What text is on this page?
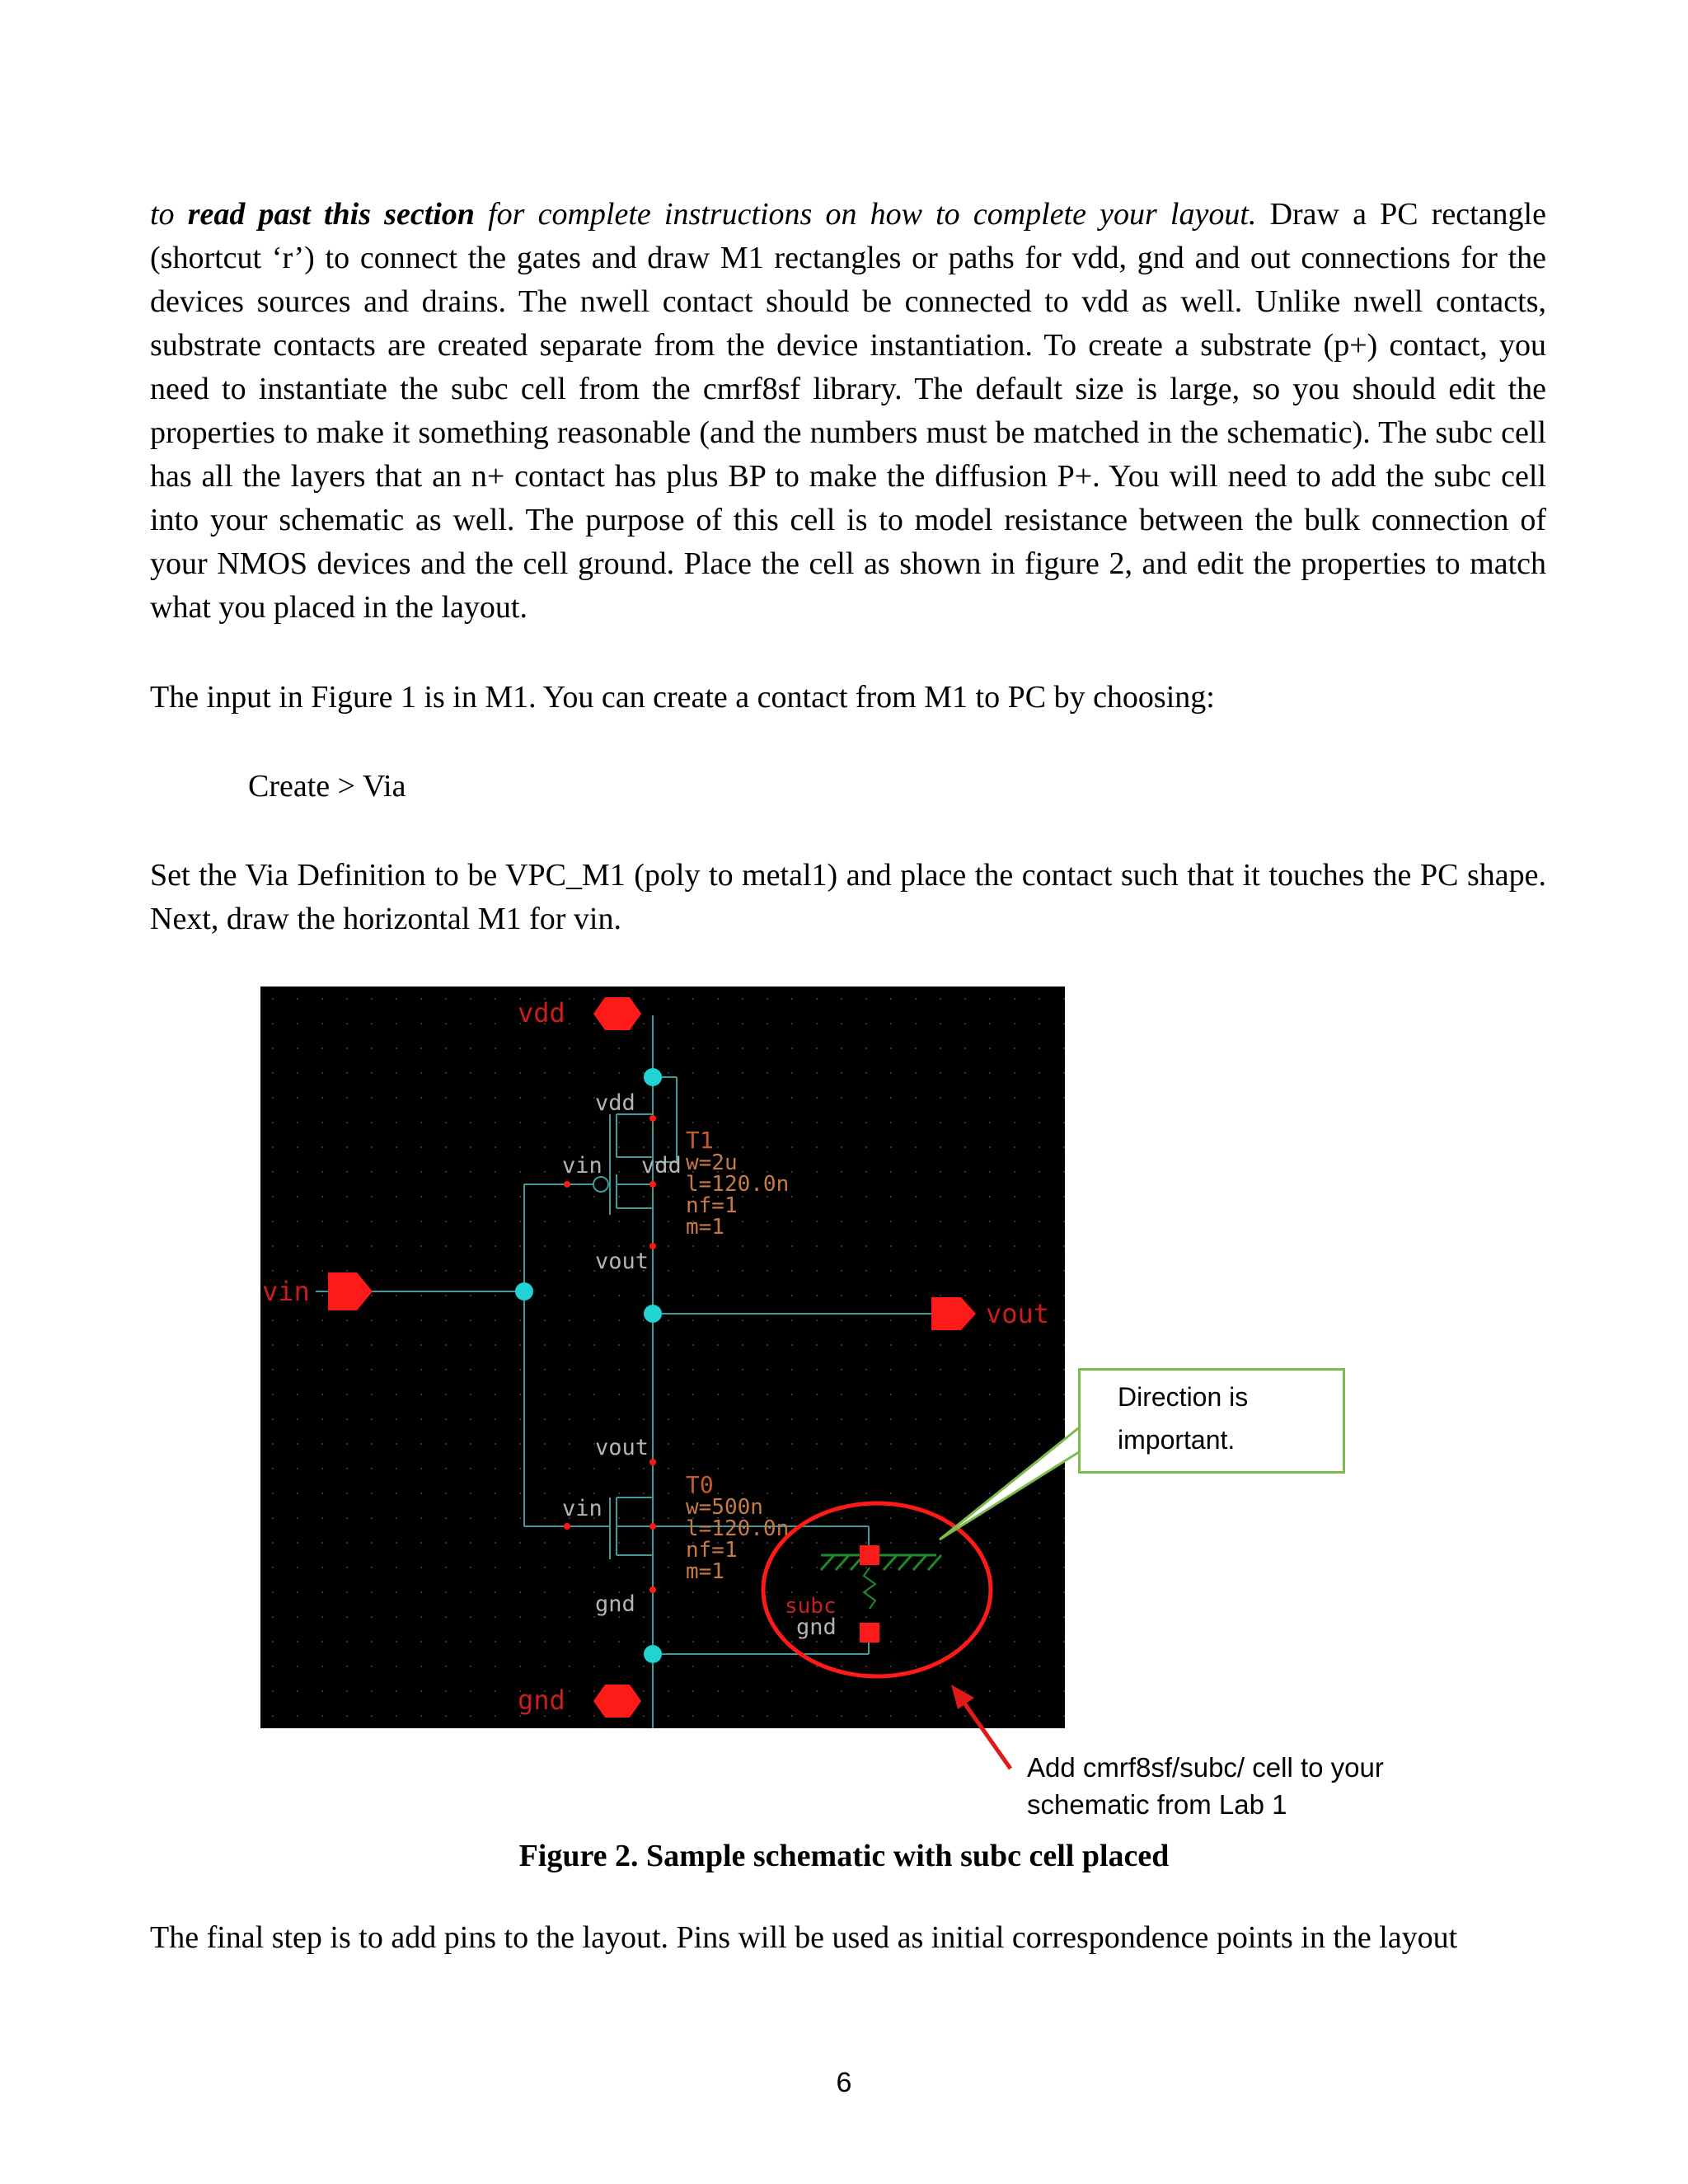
to read past this section for complete instructions on how to complete your layout. Draw a PC rectangle (shortcut ‘r’) to connect the gates and draw M1 rectangles or paths for vdd, gnd and out connections for the devices sources and drains. The nwell contact should be connected to vdd as well. Unlike nwell contacts, substrate contacts are created separate from the device instantiation. To create a substrate (p+) contact, you need to instantiate the subc cell from the cmrf8sf library. The default size is large, so you should edit the properties to make it something reasonable (and the numbers must be matched in the schematic). The subc cell has all the layers that an n+ contact has plus BP to make the diffusion P+. You will need to add the subc cell into your schematic as well. The purpose of this cell is to model resistance between the bulk connection of your NMOS devices and the cell ground. Place the cell as shown in figure 2, and edit the properties to match what you placed in the layout.
The input in Figure 1 is in M1. You can create a contact from M1 to PC by choosing:
Create > Via
Set the Via Definition to be VPC_M1 (poly to metal1) and place the contact such that it touches the PC shape. Next, draw the horizontal M1 for vin.
vdd
gnd
vin
vout
vdd
vin vdd
vout
T1
w=2u
l=120.0n
nf=1
m=1
vout
vin
gnd
T0
w=500n
l=120.0n
nf=1
m=1
subc
gnd
Direction is important.
Add cmrf8sf/subc/ cell to your
schematic from Lab 1
Figure 2. Sample schematic with subc cell placed
The final step is to add pins to the layout. Pins will be used as initial correspondence points in the layout
6
